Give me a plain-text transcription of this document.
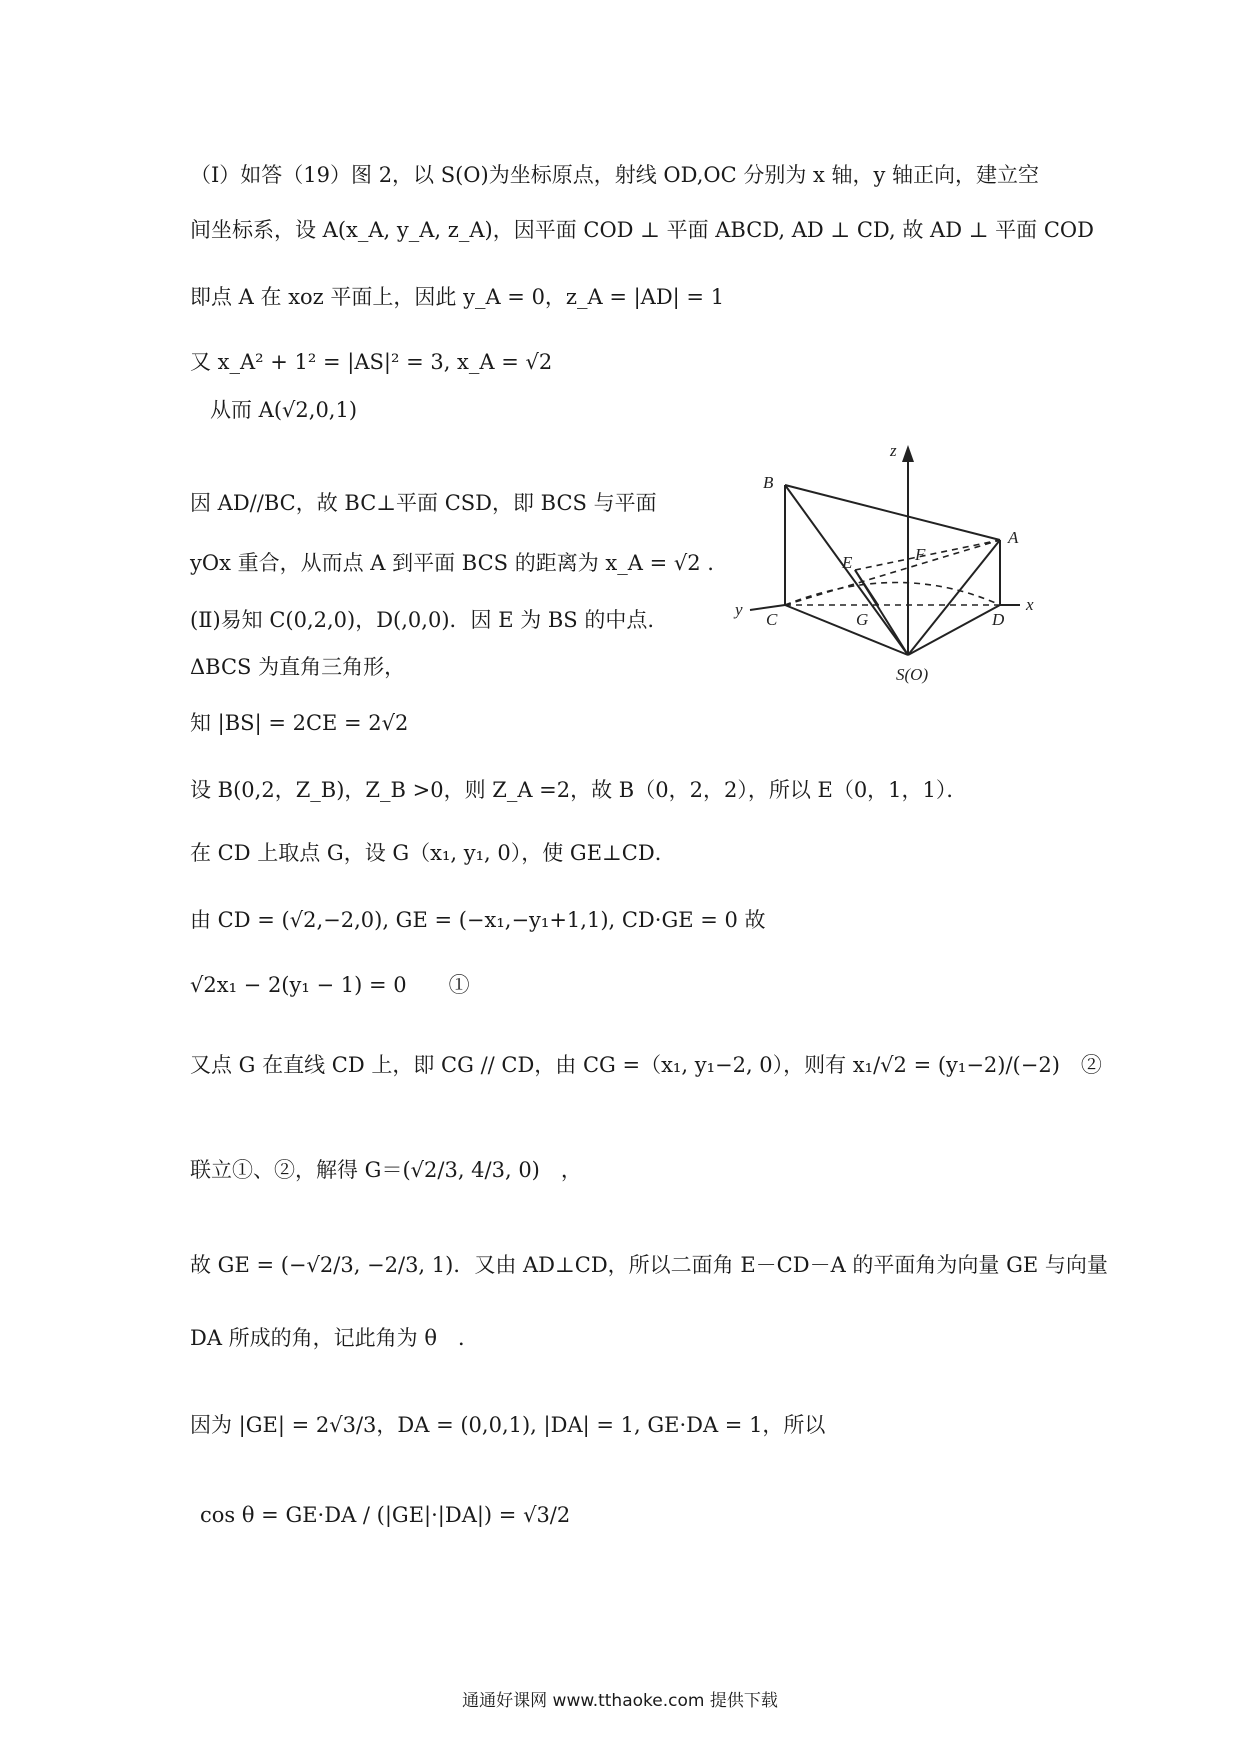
（Ⅰ）如答（19）图 2，以 S(O)为坐标原点，射线 OD,OC 分别为 x 轴，y 轴正向，建立空
间坐标系，设 A(x_A, y_A, z_A)，因平面 COD ⊥ 平面 ABCD, AD ⊥ CD, 故 AD ⊥ 平面 COD
即点 A 在 xoz 平面上，因此 y_A = 0，z_A = |AD| = 1
又 x_A² + 1² = |AS|² = 3, x_A = √2
从而 A(√2,0,1)
因 AD//BC，故 BC⊥平面 CSD，即 BCS 与平面
yOx 重合，从而点 A 到平面 BCS 的距离为 x_A = √2 .
(Ⅱ)易知 C(0,2,0)，D(,0,0)．因 E 为 BS 的中点.
ΔBCS 为直角三角形，
知 |BS| = 2CE = 2√2
z
B
A
E	F
y
C	G	D
x
S(O)
设 B(0,2，Z_B)，Z_B >0，则 Z_A =2，故 B（0，2，2），所以 E（0，1，1）．
在 CD 上取点 G，设 G（x₁, y₁, 0），使 GE⊥CD．
由 CD = (√2,−2,0), GE = (−x₁,−y₁+1,1), CD·GE = 0 故
√2x₁ − 2(y₁ − 1) = 0　　①
又点 G 在直线 CD 上，即 CG // CD，由 CG =（x₁, y₁−2, 0），则有 x₁/√2 = (y₁−2)/(−2)　②
联立①、②，解得 G＝(√2/3, 4/3, 0)　，
故 GE = (−√2/3, −2/3, 1)．又由 AD⊥CD，所以二面角 E－CD－A 的平面角为向量 GE 与向量
DA 所成的角，记此角为 θ　．
因为 |GE| = 2√3/3，DA = (0,0,1), |DA| = 1, GE·DA = 1，所以
cos θ = GE·DA / (|GE|·|DA|) = √3/2
通通好课网 www.tthaoke.com 提供下载
